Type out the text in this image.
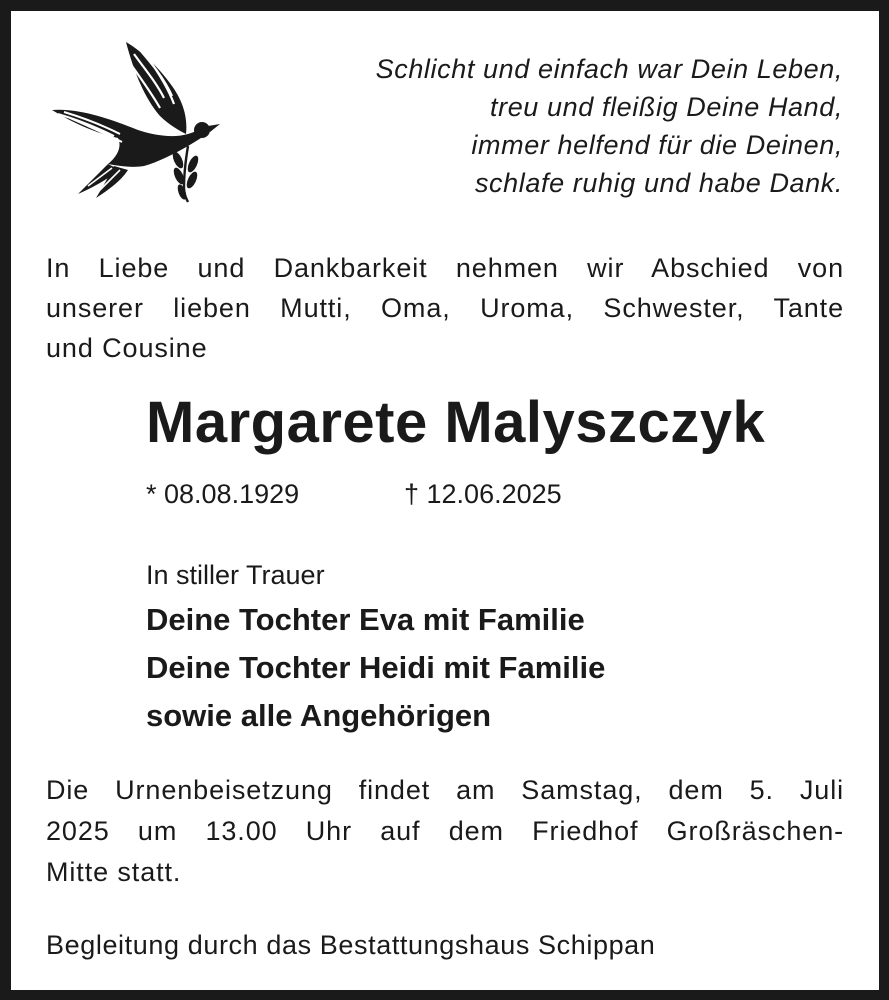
Schlicht und einfach war Dein Leben,
treu und fleißig Deine Hand,
immer helfend für die Deinen,
schlafe ruhig und habe Dank.
In Liebe und Dankbarkeit nehmen wir Abschied von
unserer lieben Mutti, Oma, Uroma, Schwester, Tante
und Cousine
Margarete Malyszczyk
* 08.08.1929	† 12.06.2025
In stiller Trauer
Deine Tochter Eva mit Familie
Deine Tochter Heidi mit Familie
sowie alle Angehörigen
Die Urnenbeisetzung findet am Samstag, dem 5. Juli
2025 um 13.00 Uhr auf dem Friedhof Großräschen-
Mitte statt.
Begleitung durch das Bestattungshaus Schippan
